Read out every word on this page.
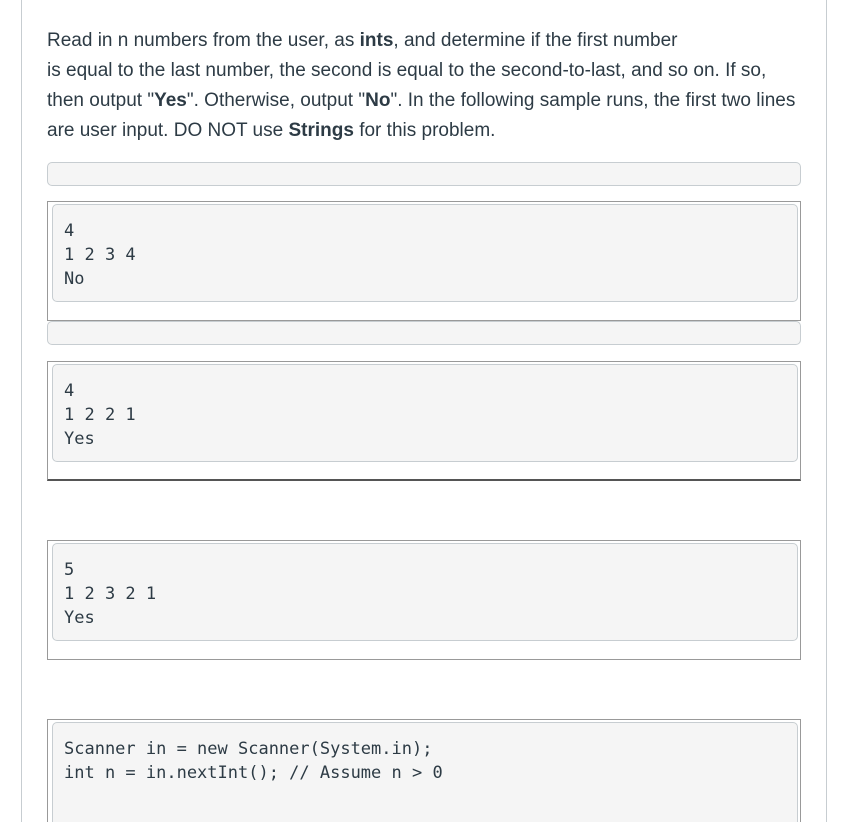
Read in n numbers from the user, as ints, and determine if the first number
is equal to the last number, the second is equal to the second-to-last, and so on. If so, then output "Yes". Otherwise, output "No". In the following sample runs, the first two lines are user input. DO NOT use Strings for this problem.

4
1 2 3 4
No
4
1 2 2 1
Yes
5
1 2 3 2 1
Yes
Scanner in = new Scanner(System.in);
int n = in.nextInt(); // Assume n > 0
